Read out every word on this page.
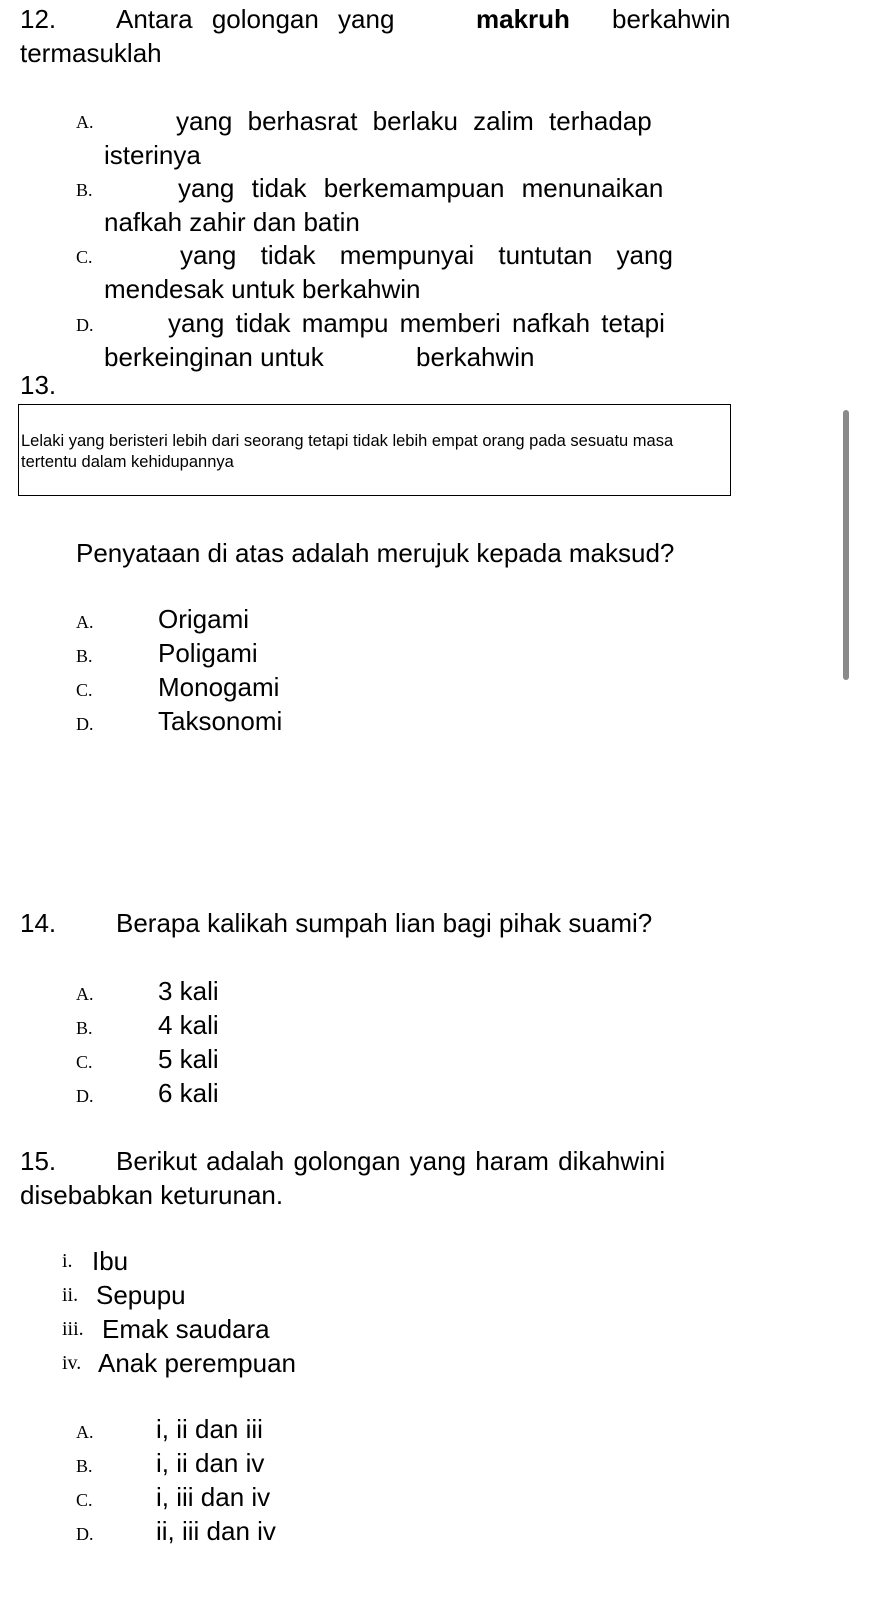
12. Antara golongan yang	makruh berkahwin
termasuklah
A.	yang berhasrat berlaku zalim terhadap
isterinya
B.	yang tidak berkemampuan menunaikan
nafkah zahir dan batin
C.	yang tidak mempunyai tuntutan yang
mendesak untuk berkahwin
D.	yang tidak mampu memberi nafkah tetapi
berkeinginan untuk	berkahwin
13.
Lelaki yang beristeri lebih dari seorang tetapi tidak lebih empat orang pada sesuatu masa tertentu dalam kehidupannya
Penyataan di atas adalah merujuk kepada maksud?
A. Origami
B.	Poligami
C.	Monogami
D. Taksonomi
14. Berapa kalikah sumpah lian bagi pihak suami?
A. 3 kali
B.	4 kali
C.	5 kali
D. 6 kali
15. Berikut adalah golongan yang haram dikahwini
disebabkan keturunan.
i. Ibu
ii. Sepupu
iii. Emak saudara
iv. Anak perempuan
A. i, ii dan iii
B. i, ii dan iv
C. i, iii dan iv
D. ii, iii dan iv
